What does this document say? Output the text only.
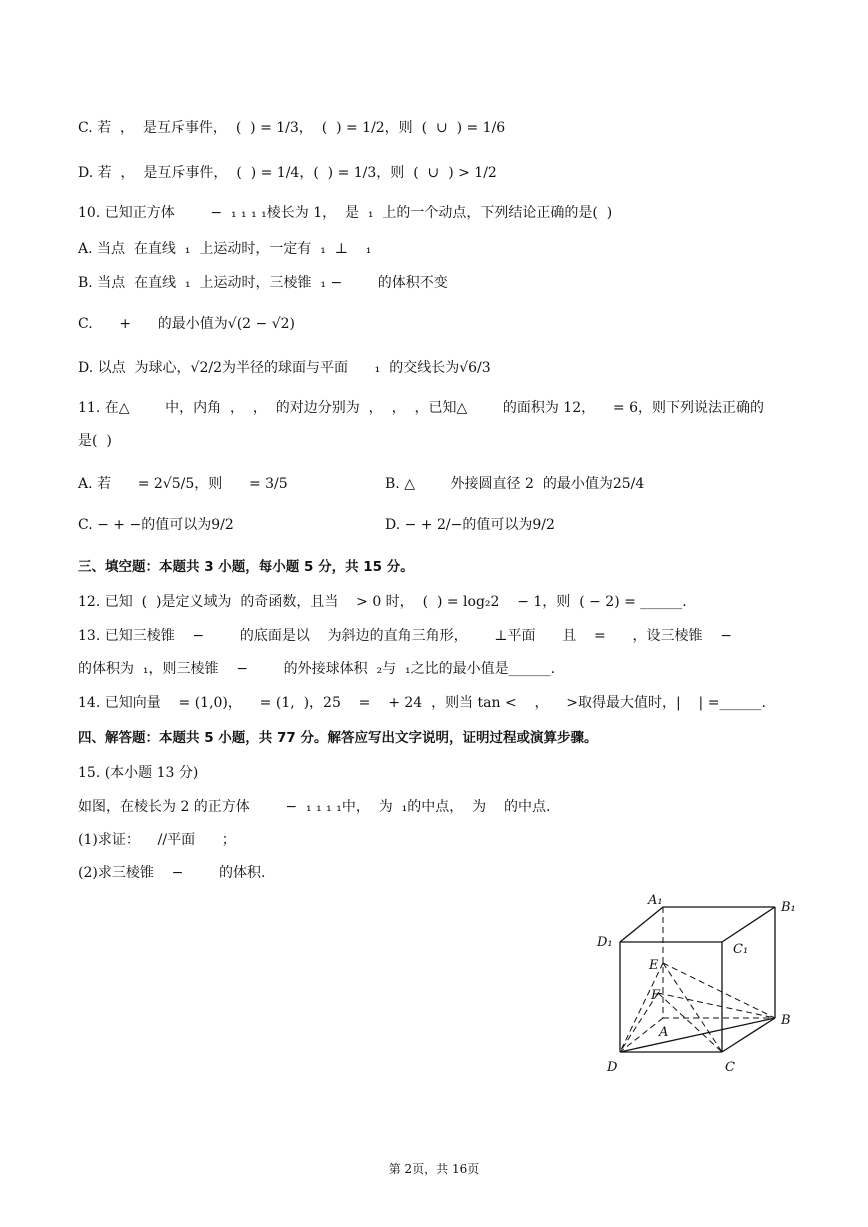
C. 若  ，  是互斥事件，  (  ) = 1/3，  (  ) = 1/2，则  (  ∪  ) = 1/6
D. 若  ，  是互斥事件，  (  ) = 1/4，(  ) = 1/3，则  (  ∪  ) > 1/2
10. 已知正方体        −  ₁ ₁ ₁ ₁棱长为 1，  是  ₁  上的一个动点，下列结论正确的是(  )
A. 当点  在直线  ₁  上运动时，一定有  ₁  ⊥    ₁
B. 当点  在直线  ₁  上运动时，三棱锥  ₁ −        的体积不变
C.      +      的最小值为√(2 − √2)
D. 以点  为球心，√2/2为半径的球面与平面      ₁  的交线长为√6/3
11. 在△        中，内角  ，  ，  的对边分别为  ，  ，  ，已知△        的面积为 12，    = 6，则下列说法正确的
是(  )
A. 若      = 2√5/5，则      = 3/5	B. △        外接圆直径 2  的最小值为25/4
C. − + −的值可以为9/2	D. − + 2/−的值可以为9/2
三、填空题：本题共 3 小题，每小题 5 分，共 15 分。
12. 已知  (  )是定义域为  的奇函数，且当    > 0 时，  (  ) = log₂2    − 1，则  ( − 2) = ______.
13. 已知三棱锥    −        的底面是以    为斜边的直角三角形，      ⊥平面      且    =      ，设三棱锥    −
的体积为  ₁，则三棱锥    −        的外接球体积  ₂与  ₁之比的最小值是______.
14. 已知向量    = (1,0)，    = (1,  )，25    =    + 24  ，则当 tan <    ，    >取得最大值时，|    | =______.
四、解答题：本题共 5 小题，共 77 分。解答应写出文字说明，证明过程或演算步骤。
15. (本小题 13 分)
如图，在棱长为 2 的正方体        −  ₁ ₁ ₁ ₁中，  为  ₁的中点，  为    的中点.
(1)求证：    //平面      ；
(2)求三棱锥    −        的体积.
A₁	B₁
D₁	C₁
E
F
A
B
D	C
第 2页，共 16页
